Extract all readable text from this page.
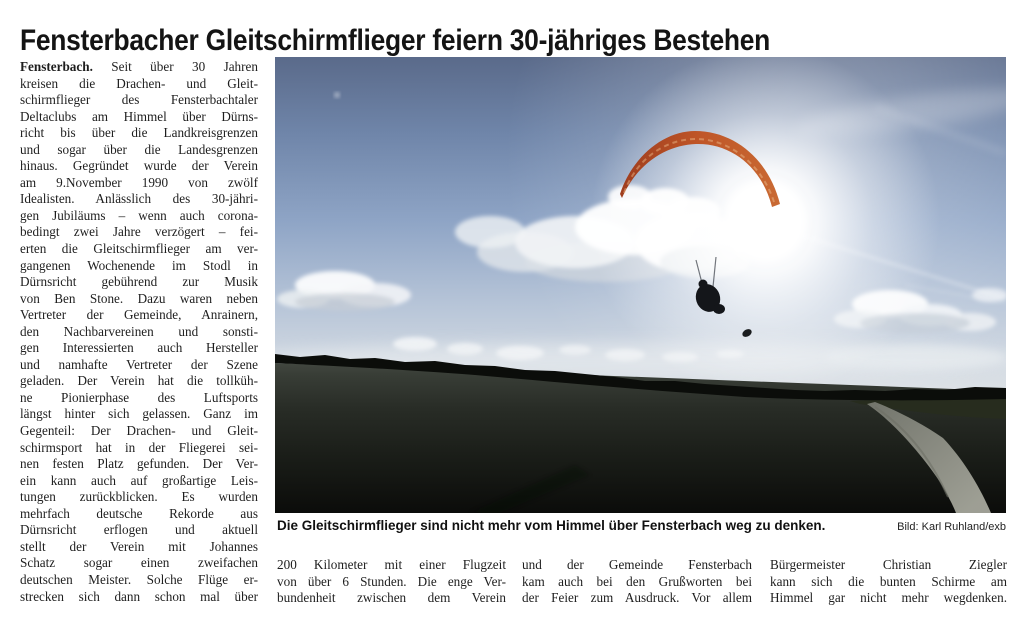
Fensterbacher Gleitschirmflieger feiern 30-jähriges Bestehen
Fensterbach. Seit über 30 Jahren
kreisen die Drachen- und Gleit-
schirmflieger des Fensterbachtaler
Deltaclubs am Himmel über Dürns-
richt bis über die Landkreisgrenzen
und sogar über die Landesgrenzen
hinaus. Gegründet wurde der Verein
am 9.November 1990 von zwölf
Idealisten. Anlässlich des 30-jähri-
gen Jubiläums – wenn auch corona-
bedingt zwei Jahre verzögert – fei-
erten die Gleitschirmflieger am ver-
gangenen Wochenende im Stodl in
Dürnsricht gebührend zur Musik
von Ben Stone. Dazu waren neben
Vertreter der Gemeinde, Anrainern,
den Nachbarvereinen und sonsti-
gen Interessierten auch Hersteller
und namhafte Vertreter der Szene
geladen. Der Verein hat die tollküh-
ne Pionierphase des Luftsports
längst hinter sich gelassen. Ganz im
Gegenteil: Der Drachen- und Gleit-
schirmsport hat in der Fliegerei sei-
nen festen Platz gefunden. Der Ver-
ein kann auch auf großartige Leis-
tungen zurückblicken. Es wurden
mehrfach deutsche Rekorde aus
Dürnsricht erflogen und aktuell
stellt der Verein mit Johannes
Schatz sogar einen zweifachen
deutschen Meister. Solche Flüge er-
strecken sich dann schon mal über
Die Gleitschirmflieger sind nicht mehr vom Himmel über Fensterbach weg zu denken.	Bild: Karl Ruhland/exb
200 Kilometer mit einer Flugzeit
von über 6 Stunden. Die enge Ver-
bundenheit zwischen dem Verein
und der Gemeinde Fensterbach
kam auch bei den Grußworten bei
der Feier zum Ausdruck. Vor allem
Bürgermeister Christian Ziegler
kann sich die bunten Schirme am
Himmel gar nicht mehr wegdenken.
